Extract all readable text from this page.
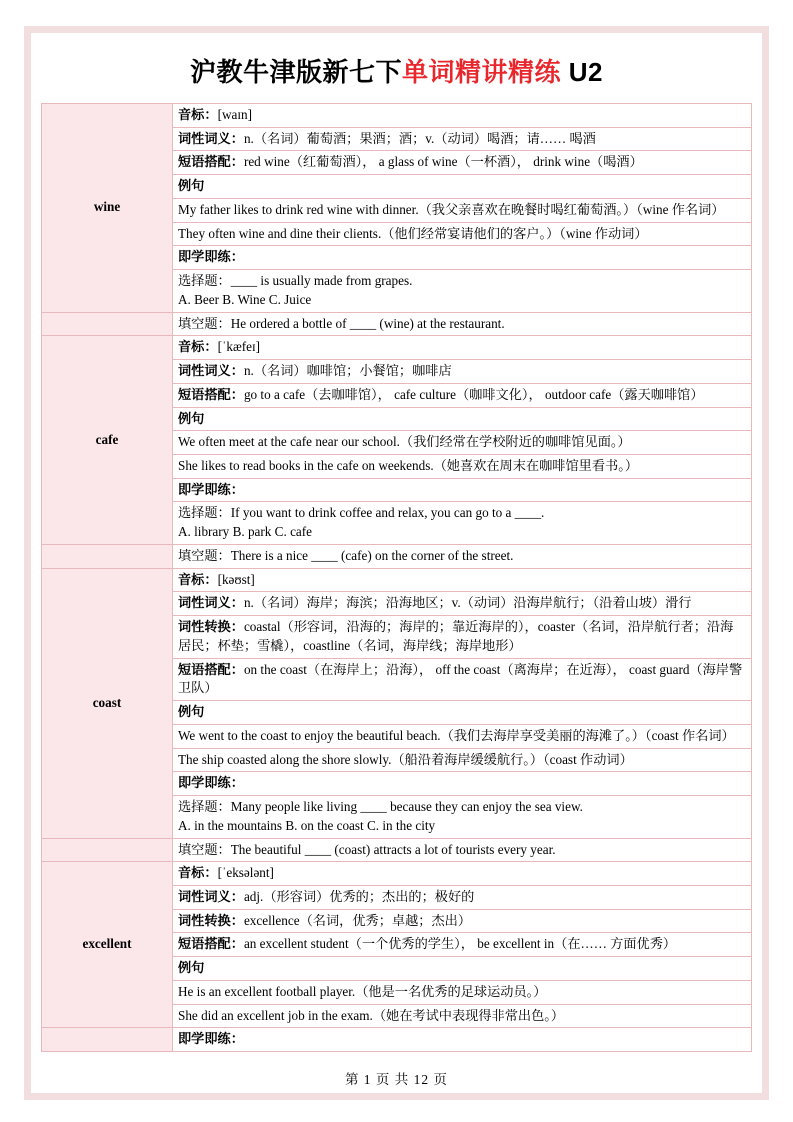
沪教牛津版新七下单词精讲精练 U2
wine	音标：[waɪn]
	词性词义：n.（名词）葡萄酒；果酒；酒；v.（动词）喝酒；请…… 喝酒
	短语搭配：red wine（红葡萄酒）， a glass of wine（一杯酒）， drink wine（喝酒）
	例句
	My father likes to drink red wine with dinner.（我父亲喜欢在晚餐时喝红葡萄酒。）（wine 作名词）
	They often wine and dine their clients.（他们经常宴请他们的客户。）（wine 作动词）
	即学即练：

	选择题：____ is usually made from grapes.
A. Beer B. Wine C. Juice

	填空题：He ordered a bottle of ____ (wine) at the restaurant.
cafe	音标：[ˈkæfeɪ]
	词性词义：n.（名词）咖啡馆；小餐馆；咖啡店
	短语搭配：go to a cafe（去咖啡馆）， cafe culture（咖啡文化）， outdoor cafe（露天咖啡馆）
	例句
	We often meet at the cafe near our school.（我们经常在学校附近的咖啡馆见面。）
	She likes to read books in the cafe on weekends.（她喜欢在周末在咖啡馆里看书。）
	即学即练：

	选择题：If you want to drink coffee and relax, you can go to a ____.
A. library B. park C. cafe

	填空题：There is a nice ____ (cafe) on the corner of the street.
coast	音标：[kəʊst]
	词性词义：n.（名词）海岸；海滨；沿海地区；v.（动词）沿海岸航行；（沿着山坡）滑行
	词性转换：coastal（形容词，沿海的；海岸的；靠近海岸的），coaster（名词，沿岸航行者；沿海居民；杯垫；雪橇），coastline（名词，海岸线；海岸地形）
	短语搭配：on the coast（在海岸上；沿海）， off the coast（离海岸；在近海）， coast guard（海岸警卫队）
	例句
	We went to the coast to enjoy the beautiful beach.（我们去海岸享受美丽的海滩了。）（coast 作名词）
	The ship coasted along the shore slowly.（船沿着海岸缓缓航行。）（coast 作动词）
	即学即练：

	选择题：Many people like living ____ because they can enjoy the sea view.
A. in the mountains B. on the coast C. in the city

	填空题：The beautiful ____ (coast) attracts a lot of tourists every year.
excellent	音标：[ˈeksələnt]
	词性词义：adj.（形容词）优秀的；杰出的；极好的
	词性转换：excellence（名词，优秀；卓越；杰出）
	短语搭配：an excellent student（一个优秀的学生）， be excellent in（在…… 方面优秀）
	例句
	He is an excellent football player.（他是一名优秀的足球运动员。）
	She did an excellent job in the exam.（她在考试中表现得非常出色。）
	即学即练：
第 1 页 共 12 页
